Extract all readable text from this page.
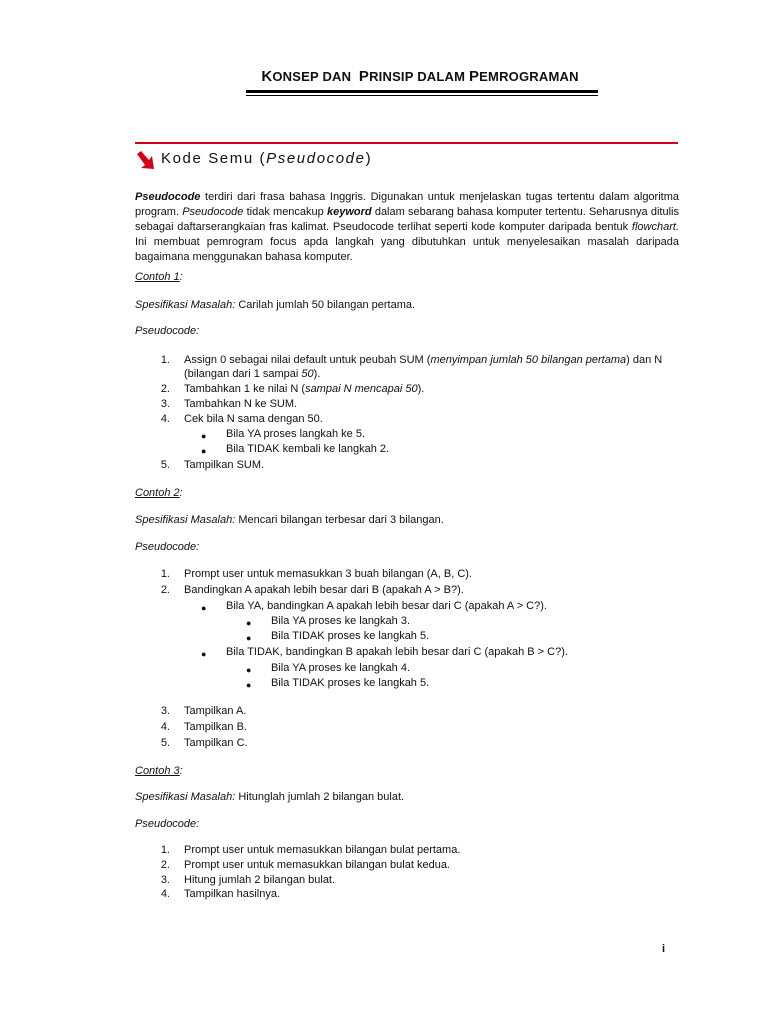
KONSEP DAN  PRINSIP DALAM PEMROGRAMAN
Kode Semu (Pseudocode)
Pseudocode terdiri dari frasa bahasa Inggris. Digunakan untuk menjelaskan tugas tertentu dalam algoritma program. Pseudocode tidak mencakup keyword dalam sebarang bahasa komputer tertentu. Seharusnya ditulis sebagai daftarserangkaian fras kalimat. Pseudocode terlihat seperti kode komputer daripada bentuk flowchart. Ini membuat pemrogram focus apda langkah yang dibutuhkan untuk menyelesaikan masalah daripada bagaimana menggunakan bahasa komputer.
Contoh 1:
Spesifikasi Masalah: Carilah jumlah 50 bilangan pertama.
Pseudocode:
1. Assign 0 sebagai nilai default untuk peubah SUM (menyimpan jumlah 50 bilangan pertama) dan N
(bilangan dari 1 sampai 50).
2. Tambahkan 1 ke nilai N (sampai N mencapai 50).
3. Tambahkan N ke SUM.
4. Cek bila N sama dengan 50.
● Bila YA proses langkah ke 5.
● Bila TIDAK kembali ke langkah 2.
5. Tampilkan SUM.
Contoh 2:
Spesifikasi Masalah: Mencari bilangan terbesar dari 3 bilangan.
Pseudocode:
1. Prompt user untuk memasukkan 3 buah bilangan (A, B, C).
2. Bandingkan A apakah lebih besar dari B (apakah A > B?).
● Bila YA, bandingkan A apakah lebih besar dari C (apakah A > C?).
● Bila YA proses ke langkah 3.
● Bila TIDAK proses ke langkah 5.
● Bila TIDAK, bandingkan B apakah lebih besar dari C (apakah B > C?).
● Bila YA proses ke langkah 4.
● Bila TIDAK proses ke langkah 5.
3. Tampilkan A.
4. Tampilkan B.
5. Tampilkan C.
Contoh 3:
Spesifikasi Masalah: Hitunglah jumlah 2 bilangan bulat.
Pseudocode:
1. Prompt user untuk memasukkan bilangan bulat pertama.
2. Prompt user untuk memasukkan bilangan bulat kedua.
3. Hitung jumlah 2 bilangan bulat.
4. Tampilkan hasilnya.
i
